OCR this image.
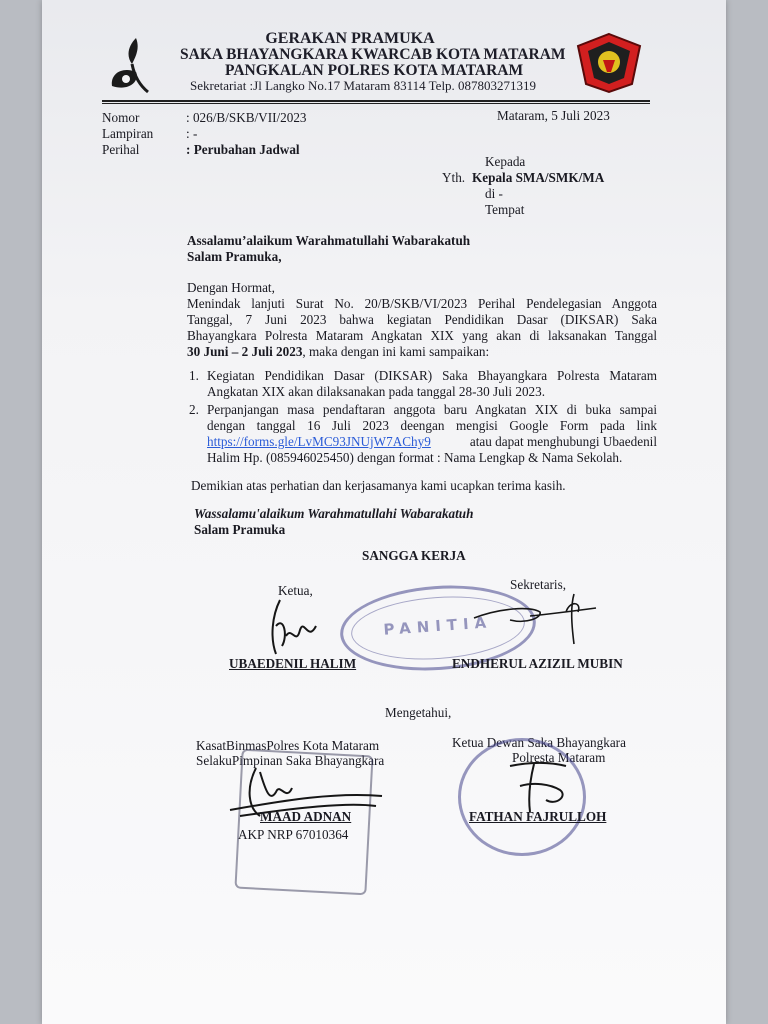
GERAKAN PRAMUKA
SAKA BHAYANGKARA KWARCAB KOTA MATARAM
PANGKALAN POLRES KOTA MATARAM
Sekretariat :Jl Langko No.17 Mataram 83114 Telp. 087803271319
Nomor	: 026/B/SKB/VII/2023
Lampiran : -
Perihal	: Perubahan Jadwal
Mataram, 5 Juli 2023
Kepada
Yth. Kepala SMA/SMK/MA
di -
Tempat
Assalamu’alaikum Warahmatullahi Wabarakatuh
Salam Pramuka,
Dengan Hormat,
Menindak lanjuti Surat No. 20/B/SKB/VI/2023 Perihal Pendelegasian Anggota
Tanggal, 7 Juni 2023 bahwa kegiatan Pendidikan Dasar (DIKSAR) Saka
Bhayangkara Polresta Mataram Angkatan XIX yang akan di laksanakan Tanggal
30 Juni – 2 Juli 2023, maka dengan ini kami sampaikan:
1. Kegiatan Pendidikan Dasar (DIKSAR) Saka Bhayangkara Polresta Mataram
Angkatan XIX akan dilaksanakan pada tanggal 28-30 Juli 2023.
2. Perpanjangan masa pendaftaran anggota baru Angkatan XIX di buka sampai
dengan tanggal 16 Juli 2023 deengan mengisi Google Form pada link
https://forms.gle/LvMC93JNUjW7AChy9	atau dapat menghubungi Ubaedenil
Halim Hp. (085946025450) dengan format : Nama Lengkap & Nama Sekolah.
Demikian atas perhatian dan kerjasamanya kami ucapkan terima kasih.
Wassalamu'alaikum Warahmatullahi Wabarakatuh
Salam Pramuka
SANGGA KERJA
Ketua,	Sekretaris,
PANITIA
UBAEDENIL HALIM	ENDHERUL AZIZIL MUBIN
Mengetahui,
KasatBinmasPolres Kota Mataram
SelakuPimpinan Saka Bhayangkara
Ketua Dewan Saka Bhayangkara
Polresta Mataram
MAAD ADNAN
AKP NRP 67010364
FATHAN FAJRULLOH
